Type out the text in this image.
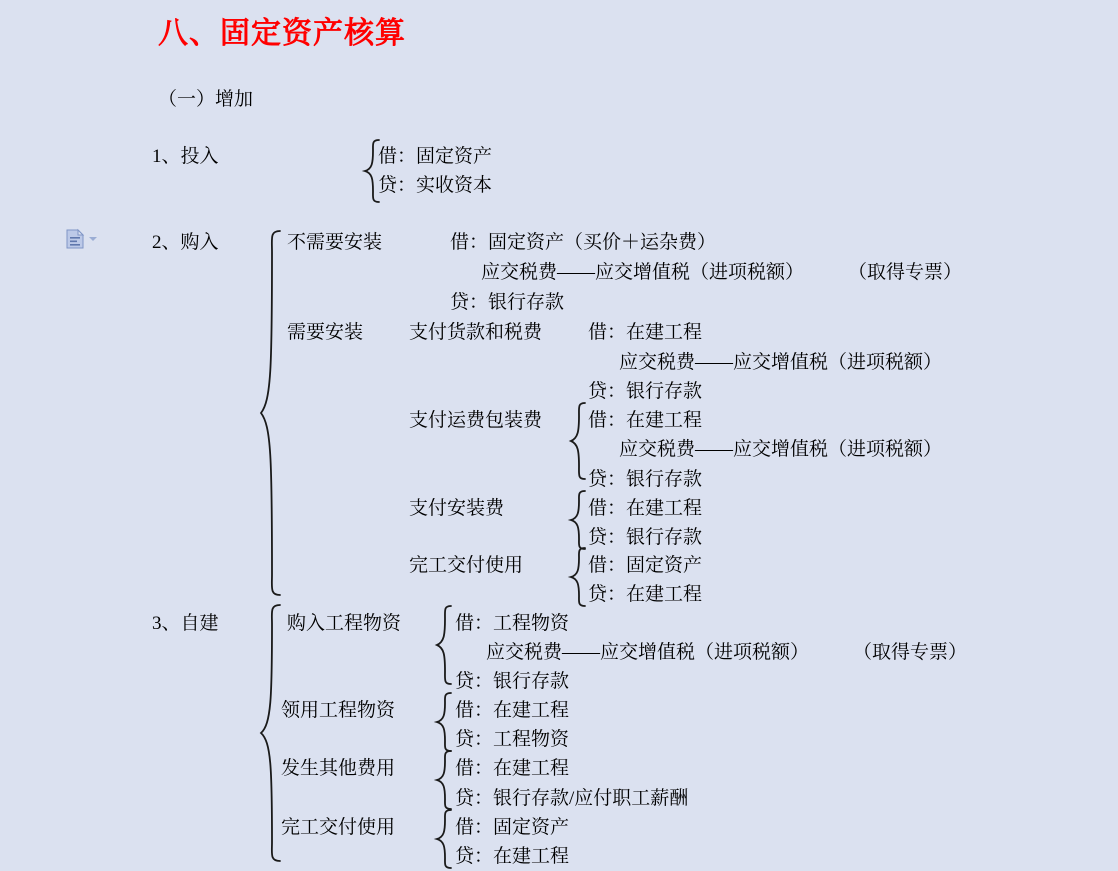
八、固定资产核算
（一）增加
1、投入	借：固定资产
贷：实收资本
2、购入	不需要安装	借：固定资产（买价＋运杂费）
应交税费——应交增值税（进项税额） （取得专票）
贷：银行存款
需要安装 支付货款和税费 借：在建工程
应交税费——应交增值税（进项税额）
贷：银行存款
支付运费包装费 借：在建工程
应交税费——应交增值税（进项税额）
贷：银行存款
支付安装费	借：在建工程
贷：银行存款
完工交付使用	借：固定资产
贷：在建工程
3、自建	购入工程物资	借：工程物资
应交税费——应交增值税（进项税额） （取得专票）
贷：银行存款
领用工程物资	借：在建工程
贷：工程物资
发生其他费用	借：在建工程
贷：银行存款/应付职工薪酬
完工交付使用	借：固定资产
贷：在建工程
